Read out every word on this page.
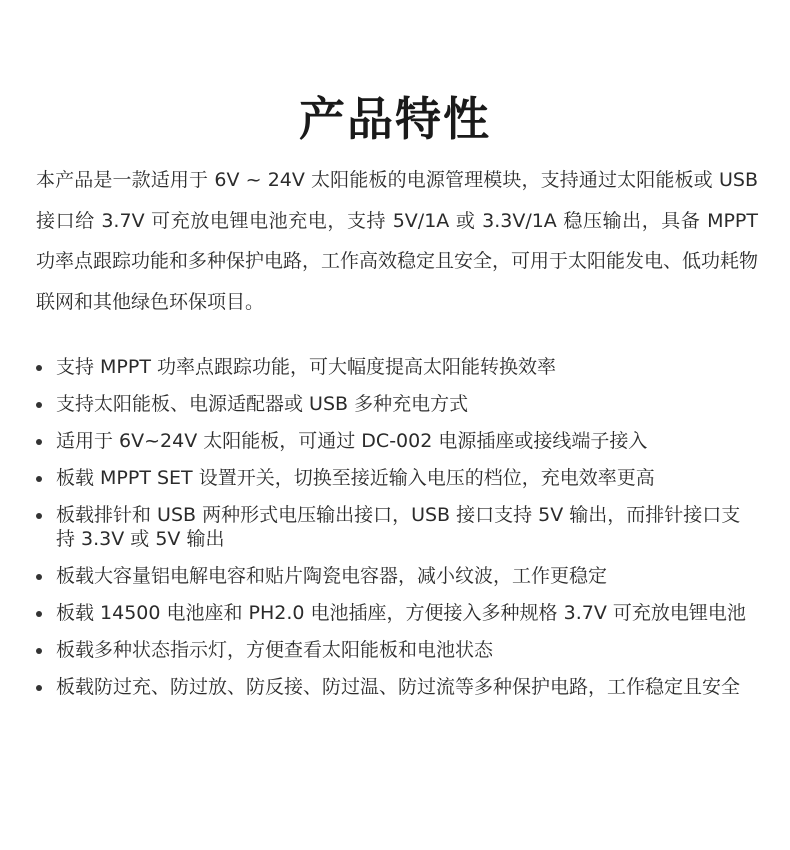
产品特性

本产品是一款适用于 6V ~ 24V 太阳能板的电源管理模块，支持通过太阳能板或 USB 接口给 3.7V 可充放电锂电池充电，支持 5V/1A 或 3.3V/1A 稳压输出，具备 MPPT 功率点跟踪功能和多种保护电路，工作高效稳定且安全，可用于太阳能发电、低功耗物联网和其他绿色环保项目。

支持 MPPT 功率点跟踪功能，可大幅度提高太阳能转换效率
支持太阳能板、电源适配器或 USB 多种充电方式
适用于 6V~24V 太阳能板，可通过 DC-002 电源插座或接线端子接入
板载 MPPT SET 设置开关，切换至接近输入电压的档位，充电效率更高
板载排针和 USB 两种形式电压输出接口，USB 接口支持 5V 输出，而排针接口支持 3.3V 或 5V 输出
板载大容量铝电解电容和贴片陶瓷电容器，减小纹波，工作更稳定
板载 14500 电池座和 PH2.0 电池插座，方便接入多种规格 3.7V 可充放电锂电池
板载多种状态指示灯，方便查看太阳能板和电池状态
板载防过充、防过放、防反接、防过温、防过流等多种保护电路，工作稳定且安全
